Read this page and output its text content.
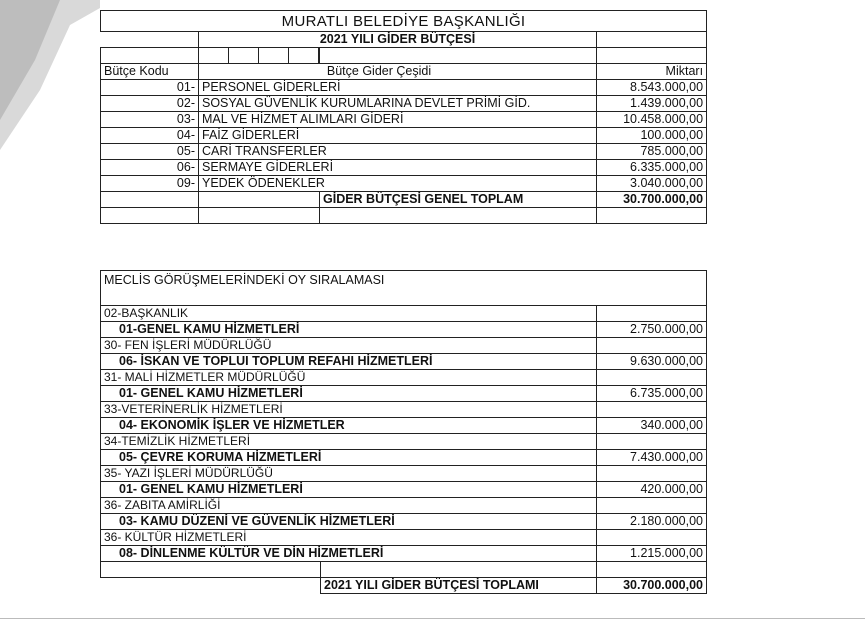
MURATLI BELEDİYE BAŞKANLIĞI			
	2021 YILI GİDER BÜTÇESİ		

Bütçe Kodu	Bütçe Gider Çeşidi		Miktarı
01-	PERSONEL GİDERLERİ		8.543.000,00
02-	SOSYAL GÜVENLİK KURUMLARINA DEVLET PRİMİ GİD.		1.439.000,00
03-	MAL VE HİZMET ALIMLARI GİDERİ		10.458.000,00
04-	FAİZ GİDERLERİ		100.000,00
05-	CARİ TRANSFERLER		785.000,00
06-	SERMAYE GİDERLERİ		6.335.000,00
09-	YEDEK ÖDENEKLER		3.040.000,00
		GİDER BÜTÇESİ GENEL TOPLAM	30.700.000,00

MECLİS GÖRÜŞMELERİNDEKİ OY SIRALAMASI		
02-BAŞKANLIK		
01-GENEL KAMU HİZMETLERİ		2.750.000,00
30- FEN İŞLERİ MÜDÜRLÜĞÜ		
06- İSKAN VE TOPLUI TOPLUM REFAHI HİZMETLERİ		9.630.000,00
31- MALİ HİZMETLER MÜDÜRLÜĞÜ		
01- GENEL KAMU HİZMETLERİ		6.735.000,00
33-VETERİNERLİK HİZMETLERİ		
04- EKONOMİK İŞLER VE HİZMETLER		340.000,00
34-TEMİZLİK HİZMETLERİ		
05- ÇEVRE KORUMA HİZMETLERİ		7.430.000,00
35- YAZI İŞLERİ MÜDÜRLÜĞÜ		
01- GENEL KAMU HİZMETLERİ		420.000,00
36- ZABITA AMİRLİĞİ		
03- KAMU DÜZENİ VE GÜVENLİK HİZMETLERİ		2.180.000,00
36- KÜLTÜR HİZMETLERİ		
08- DİNLENME KÜLTÜR VE DİN HİZMETLERİ		1.215.000,00

	2021 YILI GİDER BÜTÇESİ TOPLAMI	30.700.000,00
